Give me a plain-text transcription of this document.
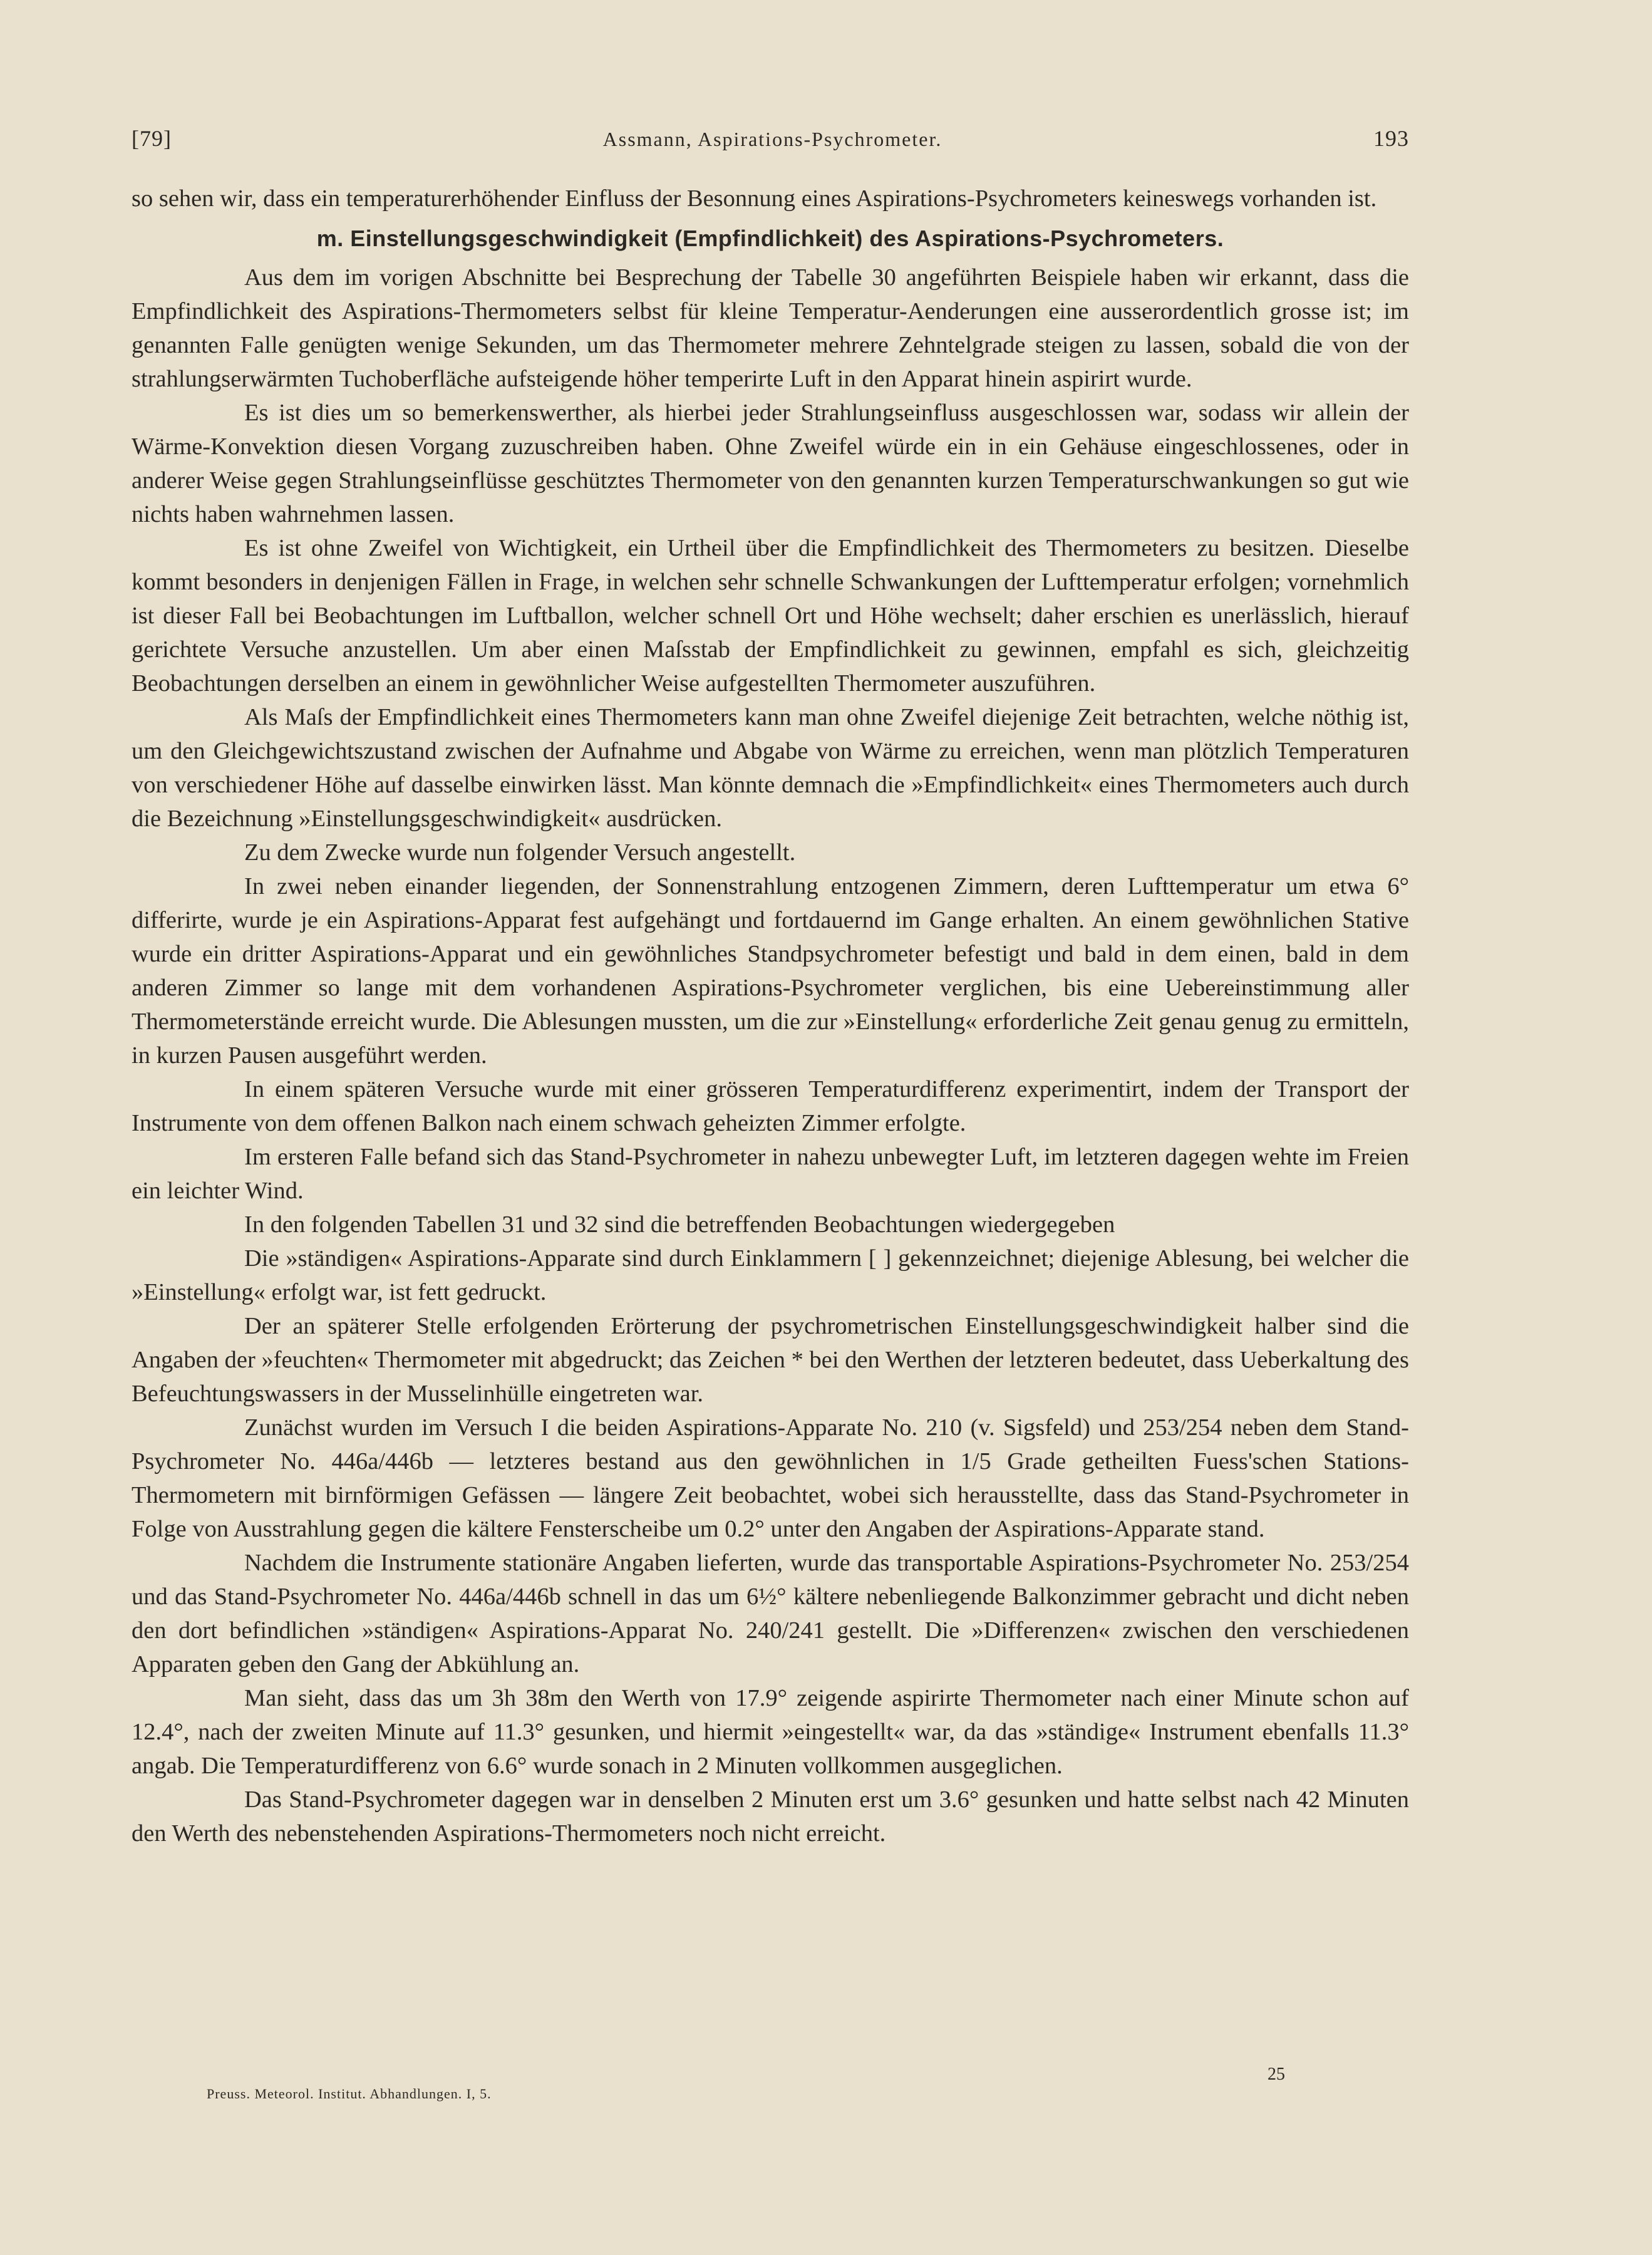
[79]	Assmann, Aspirations-Psychrometer.	193

so sehen wir, dass ein temperaturerhöhender Einfluss der Besonnung eines Aspirations-Psychrometers keineswegs vorhanden ist.

m. Einstellungsgeschwindigkeit (Empfindlichkeit) des Aspirations-Psychrometers.

Aus dem im vorigen Abschnitte bei Besprechung der Tabelle 30 angeführten Beispiele haben wir erkannt, dass die Empfindlichkeit des Aspirations-Thermometers selbst für kleine Temperatur-Aenderungen eine ausserordentlich grosse ist; im genannten Falle genügten wenige Sekunden, um das Thermometer mehrere Zehntelgrade steigen zu lassen, sobald die von der strahlungserwärmten Tuchoberfläche aufsteigende höher temperirte Luft in den Apparat hinein aspirirt wurde.

Es ist dies um so bemerkenswerther, als hierbei jeder Strahlungseinfluss ausgeschlossen war, sodass wir allein der Wärme-Konvektion diesen Vorgang zuzuschreiben haben. Ohne Zweifel würde ein in ein Gehäuse eingeschlossenes, oder in anderer Weise gegen Strahlungseinflüsse geschütztes Thermometer von den genannten kurzen Temperaturschwankungen so gut wie nichts haben wahrnehmen lassen.

Es ist ohne Zweifel von Wichtigkeit, ein Urtheil über die Empfindlichkeit des Thermometers zu besitzen. Dieselbe kommt besonders in denjenigen Fällen in Frage, in welchen sehr schnelle Schwankungen der Lufttemperatur erfolgen; vornehmlich ist dieser Fall bei Beobachtungen im Luftballon, welcher schnell Ort und Höhe wechselt; daher erschien es unerlässlich, hierauf gerichtete Versuche anzustellen. Um aber einen Maſsstab der Empfindlichkeit zu gewinnen, empfahl es sich, gleichzeitig Beobachtungen derselben an einem in gewöhnlicher Weise aufgestellten Thermometer auszuführen.

Als Maſs der Empfindlichkeit eines Thermometers kann man ohne Zweifel diejenige Zeit betrachten, welche nöthig ist, um den Gleichgewichtszustand zwischen der Aufnahme und Abgabe von Wärme zu erreichen, wenn man plötzlich Temperaturen von verschiedener Höhe auf dasselbe einwirken lässt. Man könnte demnach die »Empfindlichkeit« eines Thermometers auch durch die Bezeichnung »Einstellungsgeschwindigkeit« ausdrücken.

Zu dem Zwecke wurde nun folgender Versuch angestellt.

In zwei neben einander liegenden, der Sonnenstrahlung entzogenen Zimmern, deren Lufttemperatur um etwa 6° differirte, wurde je ein Aspirations-Apparat fest aufgehängt und fortdauernd im Gange erhalten. An einem gewöhnlichen Stative wurde ein dritter Aspirations-Apparat und ein gewöhnliches Standpsychrometer befestigt und bald in dem einen, bald in dem anderen Zimmer so lange mit dem vorhandenen Aspirations-Psychrometer verglichen, bis eine Uebereinstimmung aller Thermometerstände erreicht wurde. Die Ablesungen mussten, um die zur »Einstellung« erforderliche Zeit genau genug zu ermitteln, in kurzen Pausen ausgeführt werden.

In einem späteren Versuche wurde mit einer grösseren Temperaturdifferenz experimentirt, indem der Transport der Instrumente von dem offenen Balkon nach einem schwach geheizten Zimmer erfolgte.

Im ersteren Falle befand sich das Stand-Psychrometer in nahezu unbewegter Luft, im letzteren dagegen wehte im Freien ein leichter Wind.

In den folgenden Tabellen 31 und 32 sind die betreffenden Beobachtungen wiedergegeben

Die »ständigen« Aspirations-Apparate sind durch Einklammern [ ] gekennzeichnet; diejenige Ablesung, bei welcher die »Einstellung« erfolgt war, ist fett gedruckt.

Der an späterer Stelle erfolgenden Erörterung der psychrometrischen Einstellungsgeschwindigkeit halber sind die Angaben der »feuchten« Thermometer mit abgedruckt; das Zeichen * bei den Werthen der letzteren bedeutet, dass Ueberkaltung des Befeuchtungswassers in der Musselinhülle eingetreten war.

Zunächst wurden im Versuch I die beiden Aspirations-Apparate No. 210 (v. Sigsfeld) und 253/254 neben dem Stand-Psychrometer No. 446a/446b — letzteres bestand aus den gewöhnlichen in 1/5 Grade getheilten Fuess'schen Stations-Thermometern mit birnförmigen Gefässen — längere Zeit beobachtet, wobei sich herausstellte, dass das Stand-Psychrometer in Folge von Ausstrahlung gegen die kältere Fensterscheibe um 0.2° unter den Angaben der Aspirations-Apparate stand.

Nachdem die Instrumente stationäre Angaben lieferten, wurde das transportable Aspirations-Psychrometer No. 253/254 und das Stand-Psychrometer No. 446a/446b schnell in das um 6½° kältere nebenliegende Balkonzimmer gebracht und dicht neben den dort befindlichen »ständigen« Aspirations-Apparat No. 240/241 gestellt. Die »Differenzen« zwischen den verschiedenen Apparaten geben den Gang der Abkühlung an.

Man sieht, dass das um 3h 38m den Werth von 17.9° zeigende aspirirte Thermometer nach einer Minute schon auf 12.4°, nach der zweiten Minute auf 11.3° gesunken, und hiermit »eingestellt« war, da das »ständige« Instrument ebenfalls 11.3° angab. Die Temperaturdifferenz von 6.6° wurde sonach in 2 Minuten vollkommen ausgeglichen.

Das Stand-Psychrometer dagegen war in denselben 2 Minuten erst um 3.6° gesunken und hatte selbst nach 42 Minuten den Werth des nebenstehenden Aspirations-Thermometers noch nicht erreicht.

25
Preuss. Meteorol. Institut. Abhandlungen. I, 5.
